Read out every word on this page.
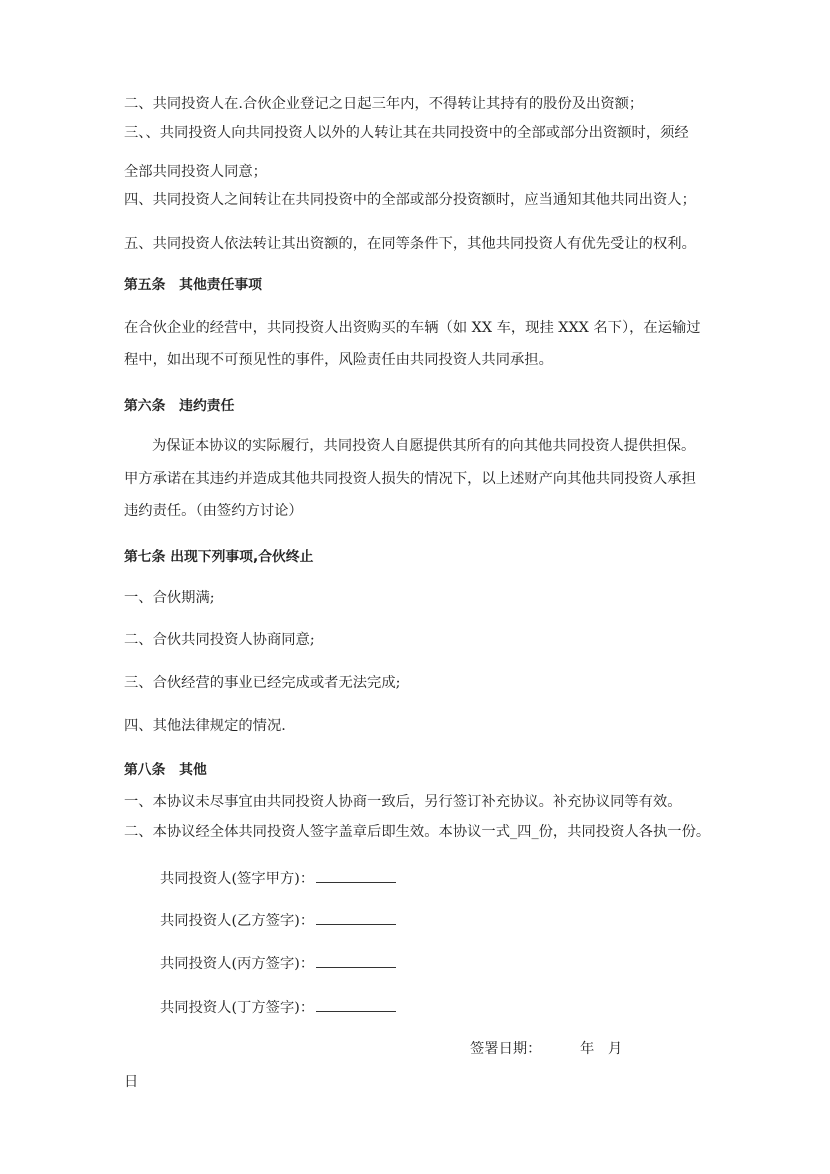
二、共同投资人在.合伙企业登记之日起三年内，不得转让其持有的股份及出资额；
三、、共同投资人向共同投资人以外的人转让其在共同投资中的全部或部分出资额时，须经
全部共同投资人同意；
四、共同投资人之间转让在共同投资中的全部或部分投资额时，应当通知其他共同出资人；
五、共同投资人依法转让其出资额的，在同等条件下，其他共同投资人有优先受让的权利。
第五条　其他责任事项
在合伙企业的经营中，共同投资人出资购买的车辆（如 XX 车，现挂 XXX 名下），在运输过
程中，如出现不可预见性的事件，风险责任由共同投资人共同承担。
第六条　违约责任
为保证本协议的实际履行，共同投资人自愿提供其所有的向其他共同投资人提供担保。
甲方承诺在其违约并造成其他共同投资人损失的情况下，以上述财产向其他共同投资人承担
违约责任。（由签约方讨论）
第七条 出现下列事项,合伙终止
一、合伙期满;
二、合伙共同投资人协商同意;
三、合伙经营的事业已经完成或者无法完成;
四、其他法律规定的情况.
第八条　其他
一、本协议未尽事宜由共同投资人协商一致后，另行签订补充协议。补充协议同等有效。
二、本协议经全体共同投资人签字盖章后即生效。本协议一式_四_份，共同投资人各执一份。
共同投资人(签字甲方)：
共同投资人(乙方签字)：
共同投资人(丙方签字)：
共同投资人(丁方签字)：
签署日期：	年 月
日
